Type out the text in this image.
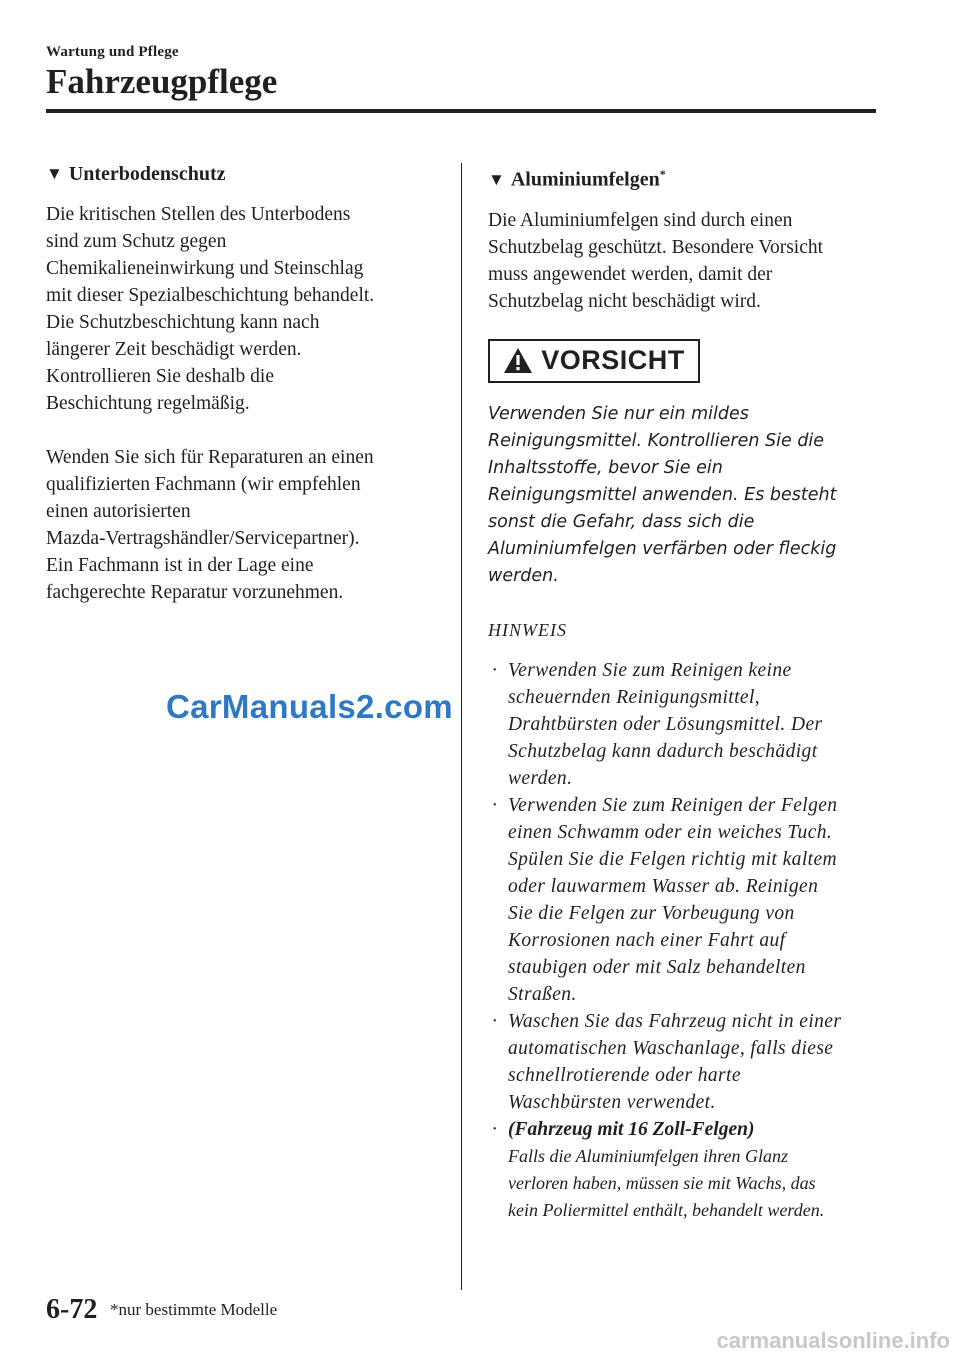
Wartung und Pflege
Fahrzeugpflege
▼ Unterbodenschutz
Die kritischen Stellen des Unterbodens
sind zum Schutz gegen
Chemikalieneinwirkung und Steinschlag
mit dieser Spezialbeschichtung behandelt.
Die Schutzbeschichtung kann nach
längerer Zeit beschädigt werden.
Kontrollieren Sie deshalb die
Beschichtung regelmäßig.
Wenden Sie sich für Reparaturen an einen
qualifizierten Fachmann (wir empfehlen
einen autorisierten
Mazda-Vertragshändler/Servicepartner).
Ein Fachmann ist in der Lage eine
fachgerechte Reparatur vorzunehmen.
▼ Aluminiumfelgen*
Die Aluminiumfelgen sind durch einen
Schutzbelag geschützt. Besondere Vorsicht
muss angewendet werden, damit der
Schutzbelag nicht beschädigt wird.
VORSICHT
Verwenden Sie nur ein mildes
Reinigungsmittel. Kontrollieren Sie die
Inhaltsstoffe, bevor Sie ein
Reinigungsmittel anwenden. Es besteht
sonst die Gefahr, dass sich die
Aluminiumfelgen verfärben oder fleckig
werden.
HINWEIS
· Verwenden Sie zum Reinigen keine
scheuernden Reinigungsmittel,
Drahtbürsten oder Lösungsmittel. Der
Schutzbelag kann dadurch beschädigt
werden.
· Verwenden Sie zum Reinigen der Felgen
einen Schwamm oder ein weiches Tuch.
Spülen Sie die Felgen richtig mit kaltem
oder lauwarmem Wasser ab. Reinigen
Sie die Felgen zur Vorbeugung von
Korrosionen nach einer Fahrt auf
staubigen oder mit Salz behandelten
Straßen.
· Waschen Sie das Fahrzeug nicht in einer
automatischen Waschanlage, falls diese
schnellrotierende oder harte
Waschbürsten verwendet.
· (Fahrzeug mit 16 Zoll-Felgen)
Falls die Aluminiumfelgen ihren Glanz
verloren haben, müssen sie mit Wachs, das
kein Poliermittel enthält, behandelt werden.
CarManuals2.com
6-72 *nur bestimmte Modelle
carmanualsonline.info
